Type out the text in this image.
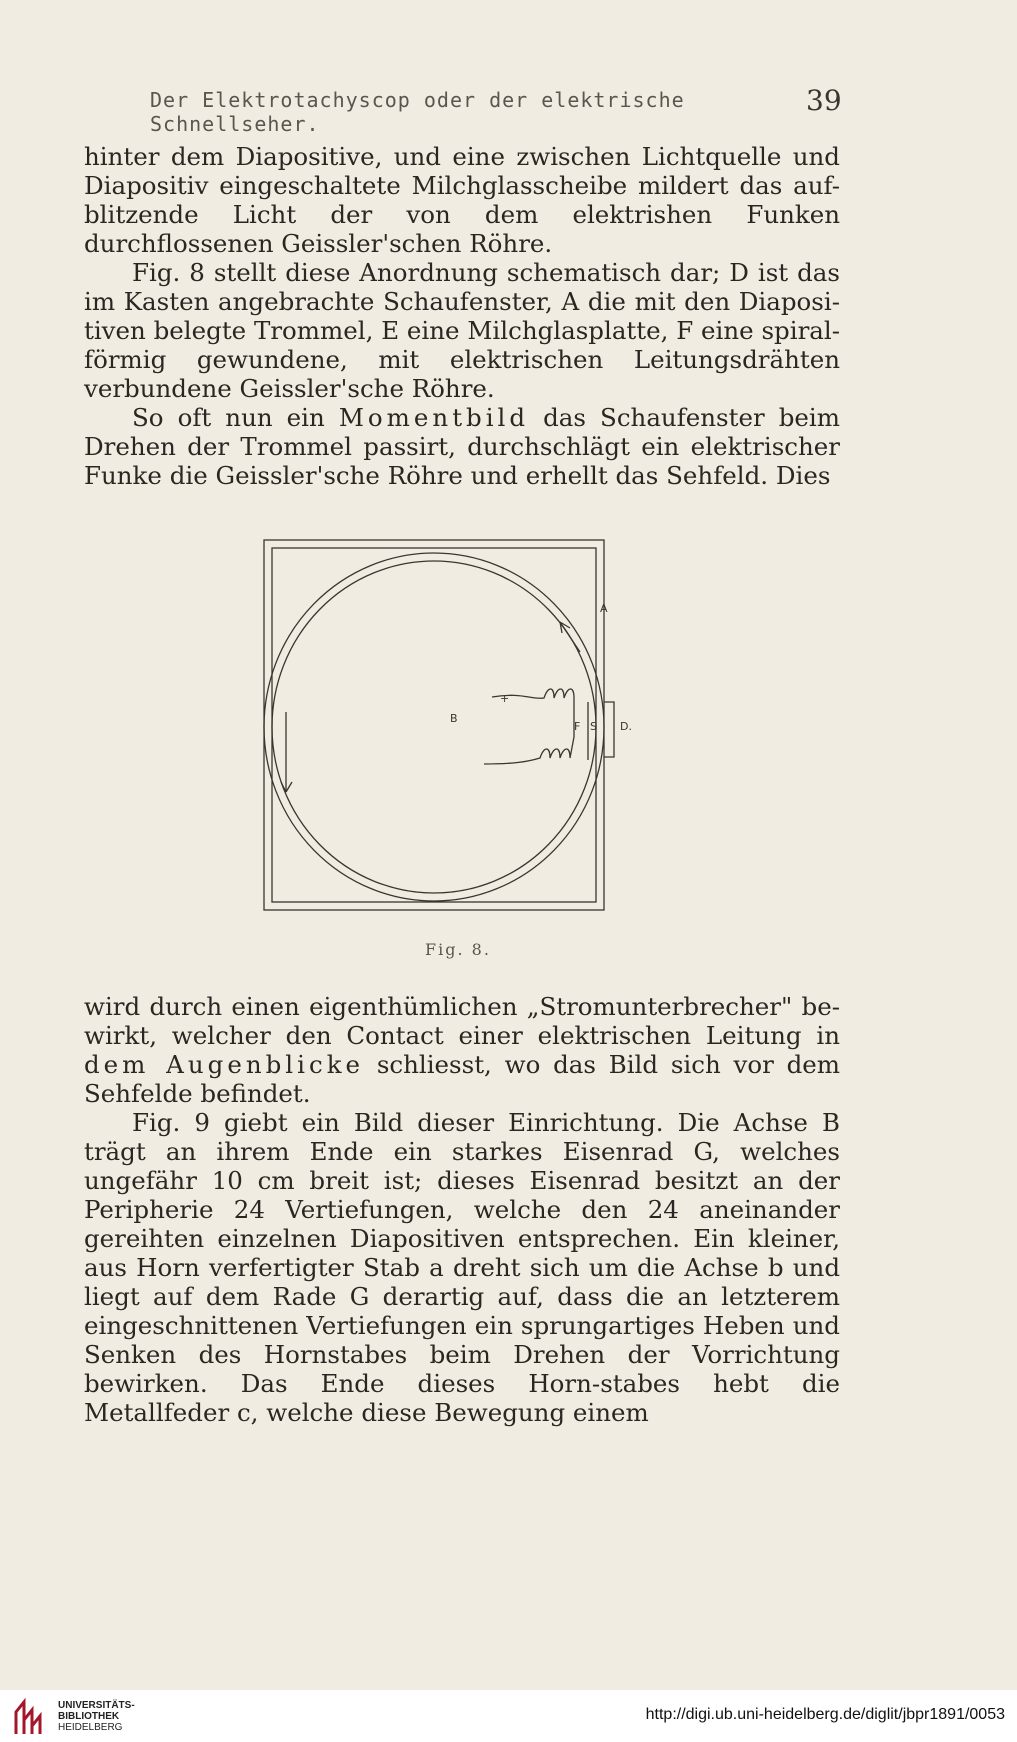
Der Elektrotachyscop oder der elektrische Schnellseher.
39

hinter dem Diapositive, und eine zwischen Lichtquelle und Diapositiv eingeschaltete Milchglasscheibe mildert das auf-blitzende Licht der von dem elektrishen Funken durchflossenen Geissler'schen Röhre.

Fig. 8 stellt diese Anordnung schematisch dar; D ist das im Kasten angebrachte Schaufenster, A die mit den Diaposi-tiven belegte Trommel, E eine Milchglasplatte, F eine spiral-förmig gewundene, mit elektrischen Leitungsdrähten verbundene Geissler'sche Röhre.

So oft nun ein Momentbild das Schaufenster beim Drehen der Trommel passirt, durchschlägt ein elektrischer Funke die Geissler'sche Röhre und erhellt das Sehfeld. Dies

A
B
F S D.
+
Fig. 8.

wird durch einen eigenthümlichen „Stromunterbrecher" be-wirkt, welcher den Contact einer elektrischen Leitung in dem Augenblicke schliesst, wo das Bild sich vor dem Sehfelde befindet.

Fig. 9 giebt ein Bild dieser Einrichtung. Die Achse B trägt an ihrem Ende ein starkes Eisenrad G, welches ungefähr 10 cm breit ist; dieses Eisenrad besitzt an der Peripherie 24 Vertiefungen, welche den 24 aneinander gereihten einzelnen Diapositiven entsprechen. Ein kleiner, aus Horn verfertigter Stab a dreht sich um die Achse b und liegt auf dem Rade G derartig auf, dass die an letzterem eingeschnittenen Vertiefungen ein sprungartiges Heben und Senken des Hornstabes beim Drehen der Vorrichtung bewirken. Das Ende dieses Horn-stabes hebt die Metallfeder c, welche diese Bewegung einem

UNIVERSITÄTS-
BIBLIOTHEK
HEIDELBERG
http://digi.ub.uni-heidelberg.de/diglit/jbpr1891/0053
